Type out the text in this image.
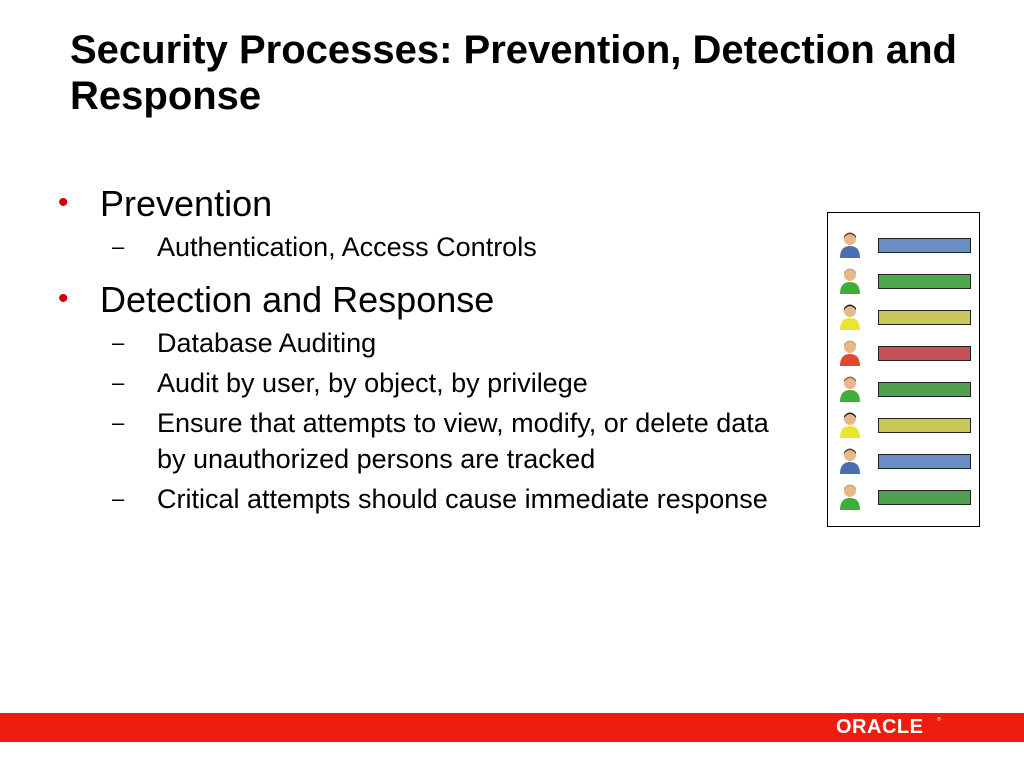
Security Processes: Prevention, Detection and Response
• Prevention
– Authentication, Access Controls
• Detection and Response
– Database Auditing
– Audit by user, by object, by privilege
– Ensure that attempts to view, modify, or delete data by unauthorized persons are tracked
– Critical attempts should cause immediate response
ORACLE	®
